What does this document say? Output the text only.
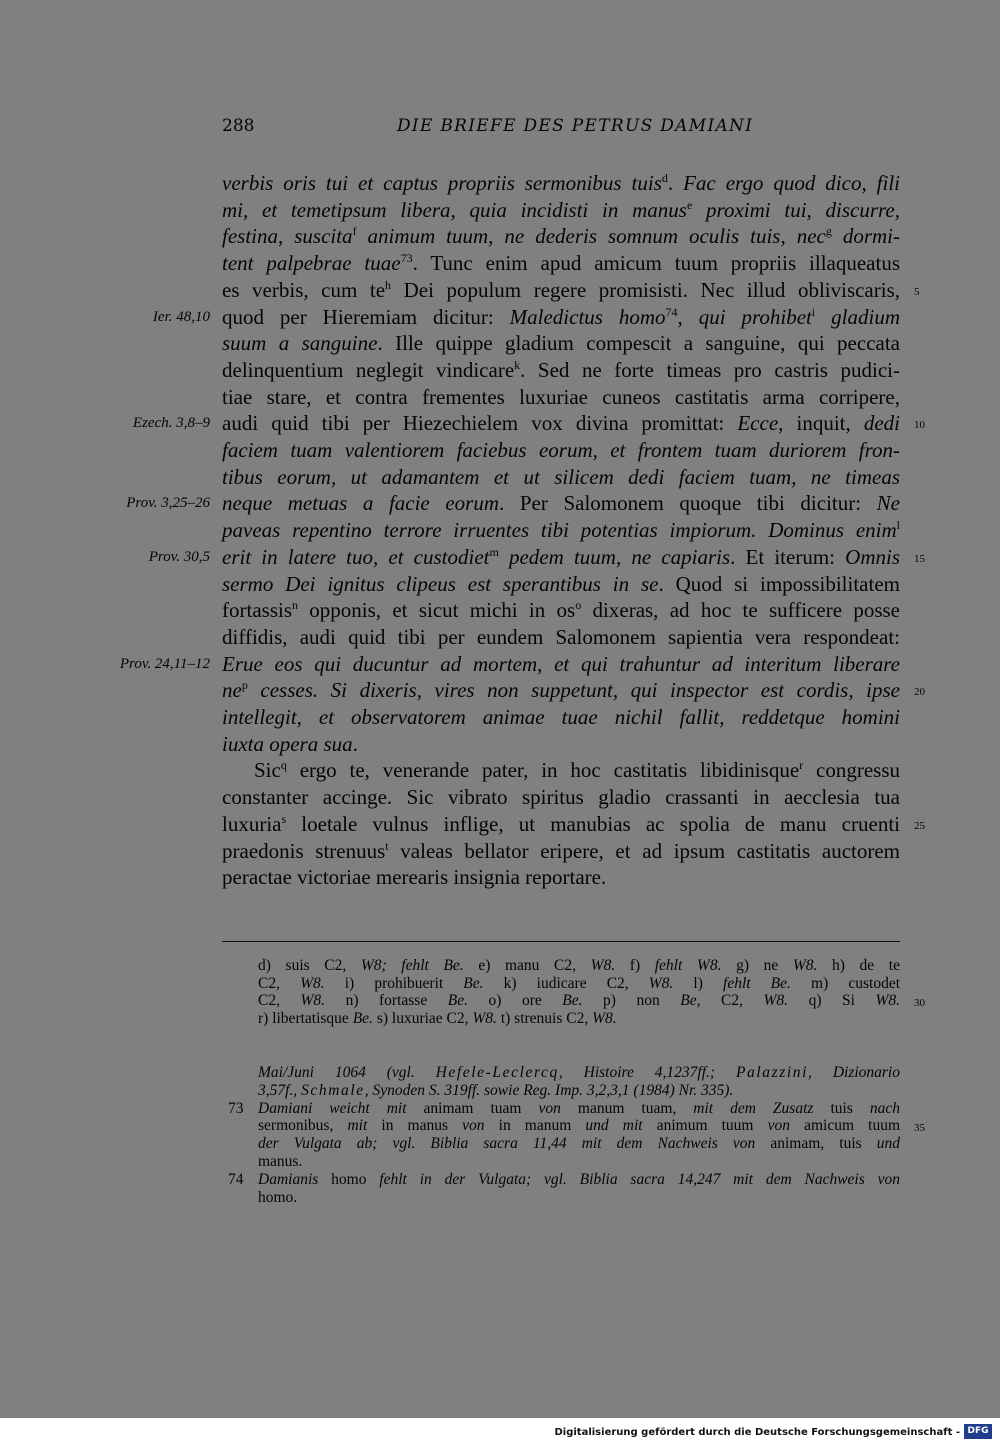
288	DIE BRIEFE DES PETRUS DAMIANI
verbis oris tui et captus propriis sermonibus tuis$^d$. Fac ergo quod dico, fili
mi, et temetipsum libera, quia incidisti in manus$^e$ proximi tui, discurre,
festina, suscita$^f$ animum tuum, ne dederis somnum oculis tuis, nec$^g$ dormi-
tent palpebrae tuae$^{73}$. Tunc enim apud amicum tuum propriis illaqueatus
es verbis, cum $te^h$ Dei populum regere promisisti. Nec illud obliviscaris, 5
quod per Hieremiam dicitur: Maledictus homo$^{74}$, qui prohibet$^i$ gladium
Ier. 48,10
suum a sanguine. Ille quippe gladium compescit a sanguine, qui peccata
delinquentium neglegit vindicare$^k$. Sed ne forte timeas pro castris pudici-
tiae stare, et contra frementes luxuriae cuneos castitatis arma corripere,
audi quid tibi per Hiezechielem vox divina promittat: Ecce, inquit, dedi
Ezech. 3,8–9	10
faciem tuam valentiorem faciebus eorum, et frontem tuam duriorem fron-
tibus eorum, ut adamantem et ut silicem dedi faciem tuam, ne timeas
neque metuas a facie eorum. Per Salomonem quoque tibi dicitur: Ne
Prov. 3,25–26
paveas repentino terrore irruentes tibi potentias impiorum. Dominus enim$^l$
erit in latere tuo, et custodiet$^m$ pedem tuum, ne capiaris. Et iterum: Omnis
Prov. 30,5	15
sermo Dei ignitus clipeus est sperantibus in se. Quod si impossibilitatem
fortassis$^n$ opponis, et sicut michi in $os^o$ dixeras, ad hoc te sufficere posse
diffidis, audi quid tibi per eundem Salomonem sapientia vera respondeat:
Erue eos qui ducuntur ad mortem, et qui trahuntur ad interitum liberare
Prov. 24,11–12
$ne^p$ cesses. Si dixeris, vires non suppetunt, qui inspector est cordis, ipse 20
intellegit, et observatorem animae tuae nichil fallit, reddetque homini
iuxta opera sua.
Sic$^q$ ergo te, venerande pater, in hoc castitatis libidinisque$^r$ congressu
constanter accinge. Sic vibrato spiritus gladio crassanti in aecclesia tua
luxuria$^s$ loetale vulnus inflige, ut manubias ac spolia de manu cruenti 25
praedonis strenuus$^t$ valeas bellator eripere, et ad ipsum castitatis auctorem
peractae victoriae merearis insignia reportare.
d) suis C2, W8; fehlt Be. e) manu C2, W8. f) fehlt W8. g) ne W8. h) de te
C2, W8. i) prohibuerit Be. k) iudicare C2, W8. l) fehlt Be. m) custodet
C2, W8. n) fortasse Be. o) ore Be. p) non Be, C2, W8. q) Si W8. 30
r) libertatisque Be. s) luxuriae C2, W8. t) strenuis C2, W8.
Mai/Juni 1064 (vgl. Hefele-Leclercq, Histoire 4,1237ff.; Palazzini, Dizionario
3,57f., Schmale, Synoden S. 319ff. sowie Reg. Imp. 3,2,3,1 (1984) Nr. 335).
Damiani weicht mit animam tuam von manum tuam, mit dem Zusatz tuis nach
73
sermonibus, mit in manus von in manum und mit animum tuum von amicum tuum 35
der Vulgata ab; vgl. Biblia sacra 11,44 mit dem Nachweis von animam, tuis und
manus.
Damianis homo fehlt in der Vulgata; vgl. Biblia sacra 14,247 mit dem Nachweis von
74
homo.
Digitalisierung gefördert durch die Deutsche Forschungsgemeinschaft - DFG
